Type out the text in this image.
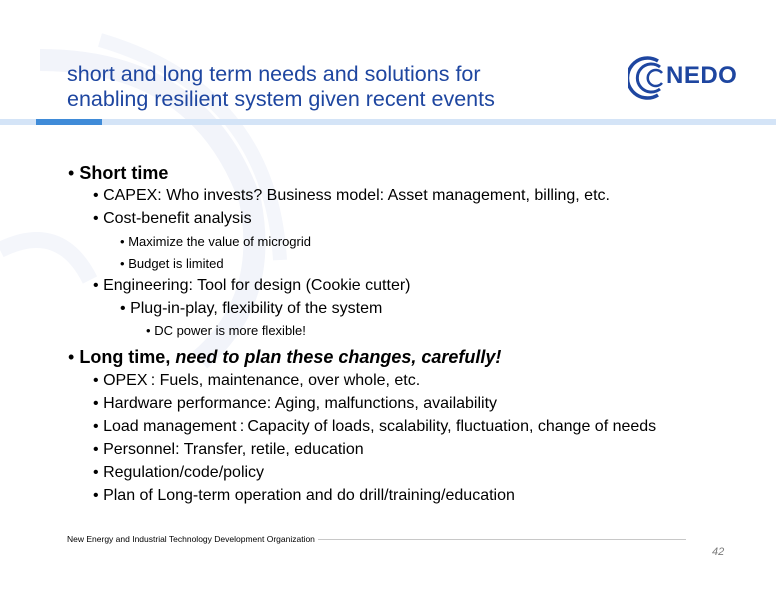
short and long term needs and solutions for
enabling resilient system given recent events
NEDO
• Short time
• CAPEX: Who invests? Business model: Asset management, billing, etc.
• Cost-benefit analysis
• Maximize the value of microgrid
• Budget is limited
• Engineering: Tool for design (Cookie cutter)
• Plug-in-play, flexibility of the system
• DC power is more flexible!
• Long time, need to plan these changes, carefully!
• OPEX : Fuels, maintenance, over whole, etc.
• Hardware performance: Aging, malfunctions, availability
• Load management : Capacity of loads, scalability, fluctuation, change of needs
• Personnel: Transfer, retile, education
• Regulation/code/policy
• Plan of Long-term operation and do drill/training/education
New Energy and Industrial Technology Development Organization
42
